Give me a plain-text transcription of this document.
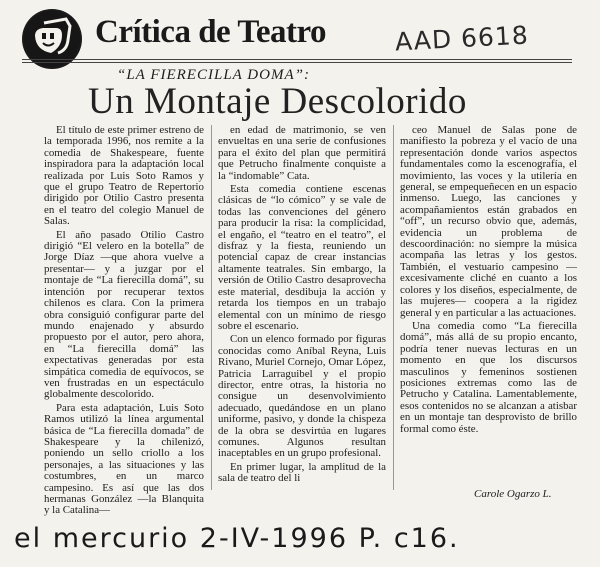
Crítica de Teatro	AAD 6618
“LA FIERECILLA DOMA”:
Un Montaje Descolorido

El título de este primer estreno de la temporada 1996, nos remite a la comedia de Shakespeare, fuente inspiradora para la adaptación local realizada por Luis Soto Ramos y que el grupo Teatro de Repertorio dirigido por Otilio Castro presenta en el teatro del colegio Manuel de Salas.

El año pasado Otilio Castro dirigió “El velero en la botella” de Jorge Díaz —que ahora vuelve a presentar— y a juzgar por el montaje de “La fierecilla domá”, su intención por recuperar textos chilenos es clara. Con la primera obra consiguió configurar parte del mundo enajenado y absurdo propuesto por el autor, pero ahora, en “La fierecilla domá” las expectativas generadas por esta simpática comedia de equívocos, se ven frustradas en un espectáculo globalmente descolorido.

Para esta adaptación, Luis Soto Ramos utilizó la línea argumental básica de “La fierecilla domada” de Shakespeare y la chilenizó, poniendo un sello criollo a los personajes, a las situaciones y las costumbres, en un marco campesino. Es así que las dos hermanas González —la Blanquita y la Catalina—

en edad de matrimonio, se ven envueltas en una serie de confusiones para el éxito del plan que permitirá que Petrucho finalmente conquiste a la “indomable” Cata.

Esta comedia contiene escenas clásicas de “lo cómico” y se vale de todas las convenciones del género para producir la risa: la complicidad, el engaño, el “teatro en el teatro”, el disfraz y la fiesta, reuniendo un potencial capaz de crear instancias altamente teatrales. Sin embargo, la versión de Otilio Castro desaprovecha este material, desdibuja la acción y retarda los tiempos en un trabajo elemental con un mínimo de riesgo sobre el escenario.

Con un elenco formado por figuras conocidas como Aníbal Reyna, Luis Rivano, Muriel Cornejo, Omar López, Patricia Larraguibel y el propio director, entre otras, la historia no consigue un desenvolvimiento adecuado, quedándose en un plano uniforme, pasivo, y donde la chispeza de la obra se desvirtúa en lugares comunes. Algunos resultan inaceptables en un grupo profesional.

En primer lugar, la amplitud de la sala de teatro del li

ceo Manuel de Salas pone de manifiesto la pobreza y el vacío de una representación donde varios aspectos fundamentales como la escenografía, el movimiento, las voces y la utilería en general, se empequeñecen en un espacio inmenso. Luego, las canciones y acompañamientos están grabados en “off”, un recurso obvio que, además, evidencia un problema de descoordinación: no siempre la música acompaña las letras y los gestos. También, el vestuario campesino —excesivamente cliché en cuanto a los colores y los diseños, especialmente, de las mujeres— coopera a la rigidez general y en particular a las actuaciones.

Una comedia como “La fierecilla domá”, más allá de su propio encanto, podría tener nuevas lecturas en un momento en que los discursos masculinos y femeninos sostienen posiciones extremas como las de Petrucho y Catalina. Lamentablemente, esos contenidos no se alcanzan a atisbar en un montaje tan desprovisto de brillo formal como éste.

Carole Ogarzo L.
el mercurio 2-IV-1996 P. c16.
